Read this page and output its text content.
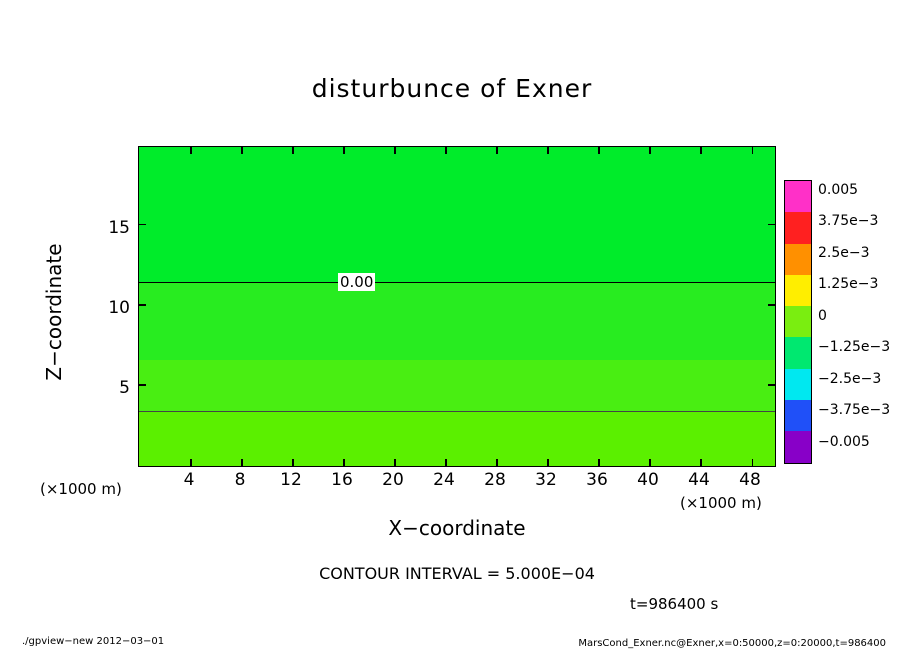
disturbunce of Exner
0.00
4	8	12	16	20	24	28	32	36	40	44	48
5
10
15
Z−coordinate
X−coordinate
(×1000 m)
(×1000 m)
CONTOUR INTERVAL = 5.000E−04
t=986400 s
0.005
3.75e−3
2.5e−3
1.25e−3
0
−1.25e−3
−2.5e−3
−3.75e−3
−0.005
./gpview−new 2012−03−01	MarsCond_Exner.nc@Exner,x=0:50000,z=0:20000,t=986400
